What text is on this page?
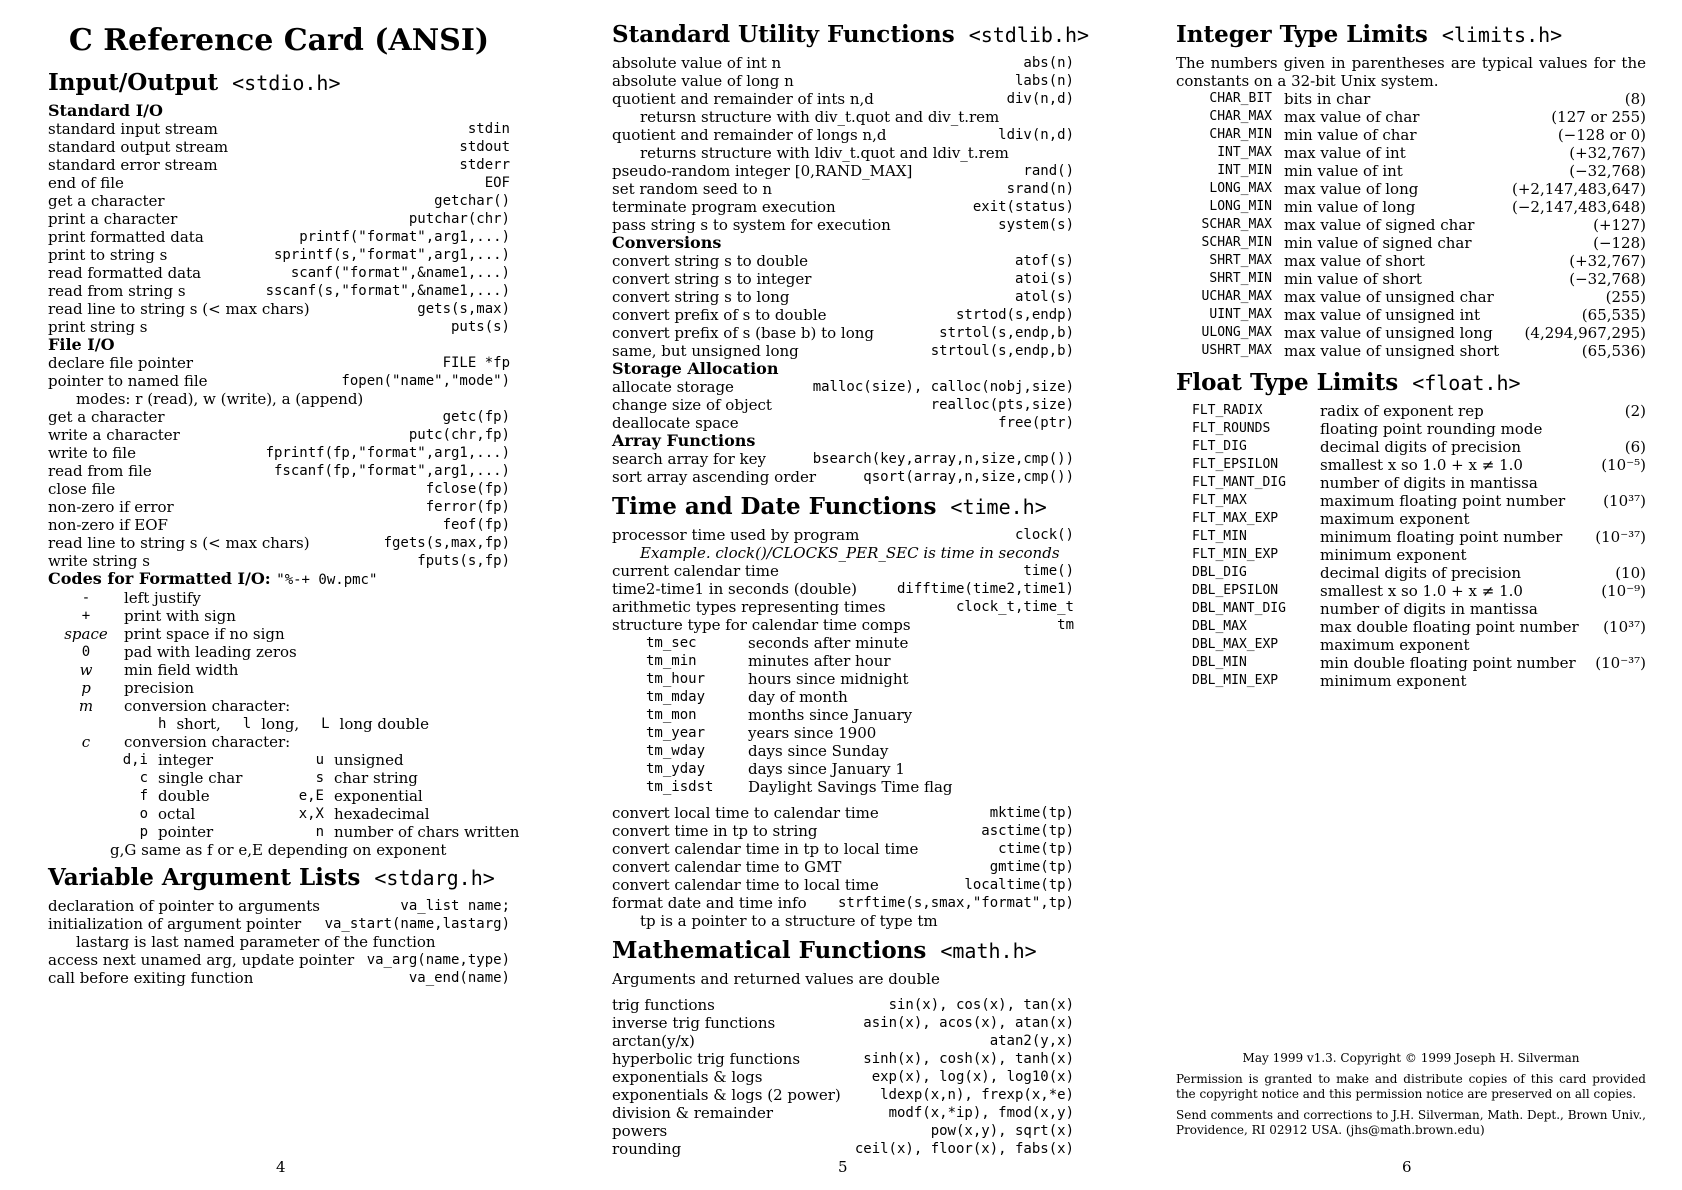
C Reference Card (ANSI)
Input/Output <stdio.h>
Standard I/O
standard input stream	stdin
standard output stream	stdout
standard error stream	stderr
end of file	EOF
get a character	getchar()
print a character	putchar(chr)
print formatted data	printf("format",arg1,...)
print to string s	sprintf(s,"format",arg1,...)
read formatted data	scanf("format",&name1,...)
read from string s	sscanf(s,"format",&name1,...)
read line to string s (< max chars)	gets(s,max)
print string s	puts(s)
File I/O
declare file pointer	FILE *fp
pointer to named file	fopen("name","mode")
modes: r (read), w (write), a (append)
get a character	getc(fp)
write a character	putc(chr,fp)
write to file	fprintf(fp,"format",arg1,...)
read from file	fscanf(fp,"format",arg1,...)
close file	fclose(fp)
non-zero if error	ferror(fp)
non-zero if EOF	feof(fp)
read line to string s (< max chars)	fgets(s,max,fp)
write string s	fputs(s,fp)
Codes for Formatted I/O: "%-+ 0w.pmc"
-	left justify
+	print with sign
space	print space if no sign
0	pad with leading zeros
w	min field width
p	precision
m	conversion character:
h short, l long, L long double
c	conversion character:
d,i integer	u unsigned
c single char	s char string
f double	e,E exponential
o octal	x,X hexadecimal
p pointer	n number of chars written
g,G same as f or e,E depending on exponent
Variable Argument Lists <stdarg.h>
declaration of pointer to arguments	va_list name;
initialization of argument pointer	va_start(name,lastarg)
lastarg is last named parameter of the function
access next unamed arg, update pointer va_arg(name,type)
call before exiting function	va_end(name)
Standard Utility Functions <stdlib.h>
absolute value of int n	abs(n)
absolute value of long n	labs(n)
quotient and remainder of ints n,d	div(n,d)
retursn structure with div_t.quot and div_t.rem
quotient and remainder of longs n,d	ldiv(n,d)
returns structure with ldiv_t.quot and ldiv_t.rem
pseudo-random integer [0,RAND_MAX]	rand()
set random seed to n	srand(n)
terminate program execution	exit(status)
pass string s to system for execution	system(s)
Conversions
convert string s to double	atof(s)
convert string s to integer	atoi(s)
convert string s to long	atol(s)
convert prefix of s to double	strtod(s,endp)
convert prefix of s (base b) to long	strtol(s,endp,b)
same, but unsigned long	strtoul(s,endp,b)
Storage Allocation
allocate storage	malloc(size), calloc(nobj,size)
change size of object	realloc(pts,size)
deallocate space	free(ptr)
Array Functions
search array for key	bsearch(key,array,n,size,cmp())
sort array ascending order	qsort(array,n,size,cmp())
Time and Date Functions <time.h>
processor time used by program	clock()
Example. clock()/CLOCKS_PER_SEC is time in seconds
current calendar time	time()
time2-time1 in seconds (double)	difftime(time2,time1)
arithmetic types representing times	clock_t,time_t
structure type for calendar time comps	tm
tm_sec	seconds after minute
tm_min	minutes after hour
tm_hour	hours since midnight
tm_mday	day of month
tm_mon	months since January
tm_year	years since 1900
tm_wday	days since Sunday
tm_yday	days since January 1
tm_isdst	Daylight Savings Time flag
convert local time to calendar time	mktime(tp)
convert time in tp to string	asctime(tp)
convert calendar time in tp to local time	ctime(tp)
convert calendar time to GMT	gmtime(tp)
convert calendar time to local time	localtime(tp)
format date and time info	strftime(s,smax,"format",tp)
tp is a pointer to a structure of type tm
Mathematical Functions <math.h>
Arguments and returned values are double
trig functions	sin(x), cos(x), tan(x)
inverse trig functions	asin(x), acos(x), atan(x)
arctan(y/x)	atan2(y,x)
hyperbolic trig functions	sinh(x), cosh(x), tanh(x)
exponentials & logs	exp(x), log(x), log10(x)
exponentials & logs (2 power)	ldexp(x,n), frexp(x,*e)
division & remainder	modf(x,*ip), fmod(x,y)
powers	pow(x,y), sqrt(x)
rounding	ceil(x), floor(x), fabs(x)
Integer Type Limits <limits.h>
The numbers given in parentheses are typical values for the constants on a 32-bit Unix system.
CHAR_BIT bits in char	(8)
CHAR_MAX max value of char	(127 or 255)
CHAR_MIN min value of char	(−128 or 0)
INT_MAX max value of int	(+32,767)
INT_MIN min value of int	(−32,768)
LONG_MAX max value of long	(+2,147,483,647)
LONG_MIN min value of long	(−2,147,483,648)
SCHAR_MAX max value of signed char	(+127)
SCHAR_MIN min value of signed char	(−128)
SHRT_MAX max value of short	(+32,767)
SHRT_MIN min value of short	(−32,768)
UCHAR_MAX max value of unsigned char	(255)
UINT_MAX max value of unsigned int	(65,535)
ULONG_MAX max value of unsigned long	(4,294,967,295)
USHRT_MAX max value of unsigned short	(65,536)
Float Type Limits <float.h>
FLT_RADIX	radix of exponent rep	(2)
FLT_ROUNDS	floating point rounding mode
FLT_DIG	decimal digits of precision	(6)
FLT_EPSILON	smallest x so 1.0 + x ≠ 1.0	(10⁻⁵)
FLT_MANT_DIG	number of digits in mantissa
FLT_MAX	maximum floating point number	(10³⁷)
FLT_MAX_EXP	maximum exponent
FLT_MIN	minimum floating point number	(10⁻³⁷)
FLT_MIN_EXP	minimum exponent
DBL_DIG	decimal digits of precision	(10)
DBL_EPSILON	smallest x so 1.0 + x ≠ 1.0	(10⁻⁹)
DBL_MANT_DIG	number of digits in mantissa
DBL_MAX	max double floating point number	(10³⁷)
DBL_MAX_EXP	maximum exponent
DBL_MIN	min double floating point number	(10⁻³⁷)
DBL_MIN_EXP	minimum exponent
May 1999 v1.3. Copyright © 1999 Joseph H. Silverman
Permission is granted to make and distribute copies of this card provided the copyright notice and this permission notice are preserved on all copies.
Send comments and corrections to J.H. Silverman, Math. Dept., Brown Univ., Providence, RI 02912 USA. (jhs@math.brown.edu)
4	5	6
